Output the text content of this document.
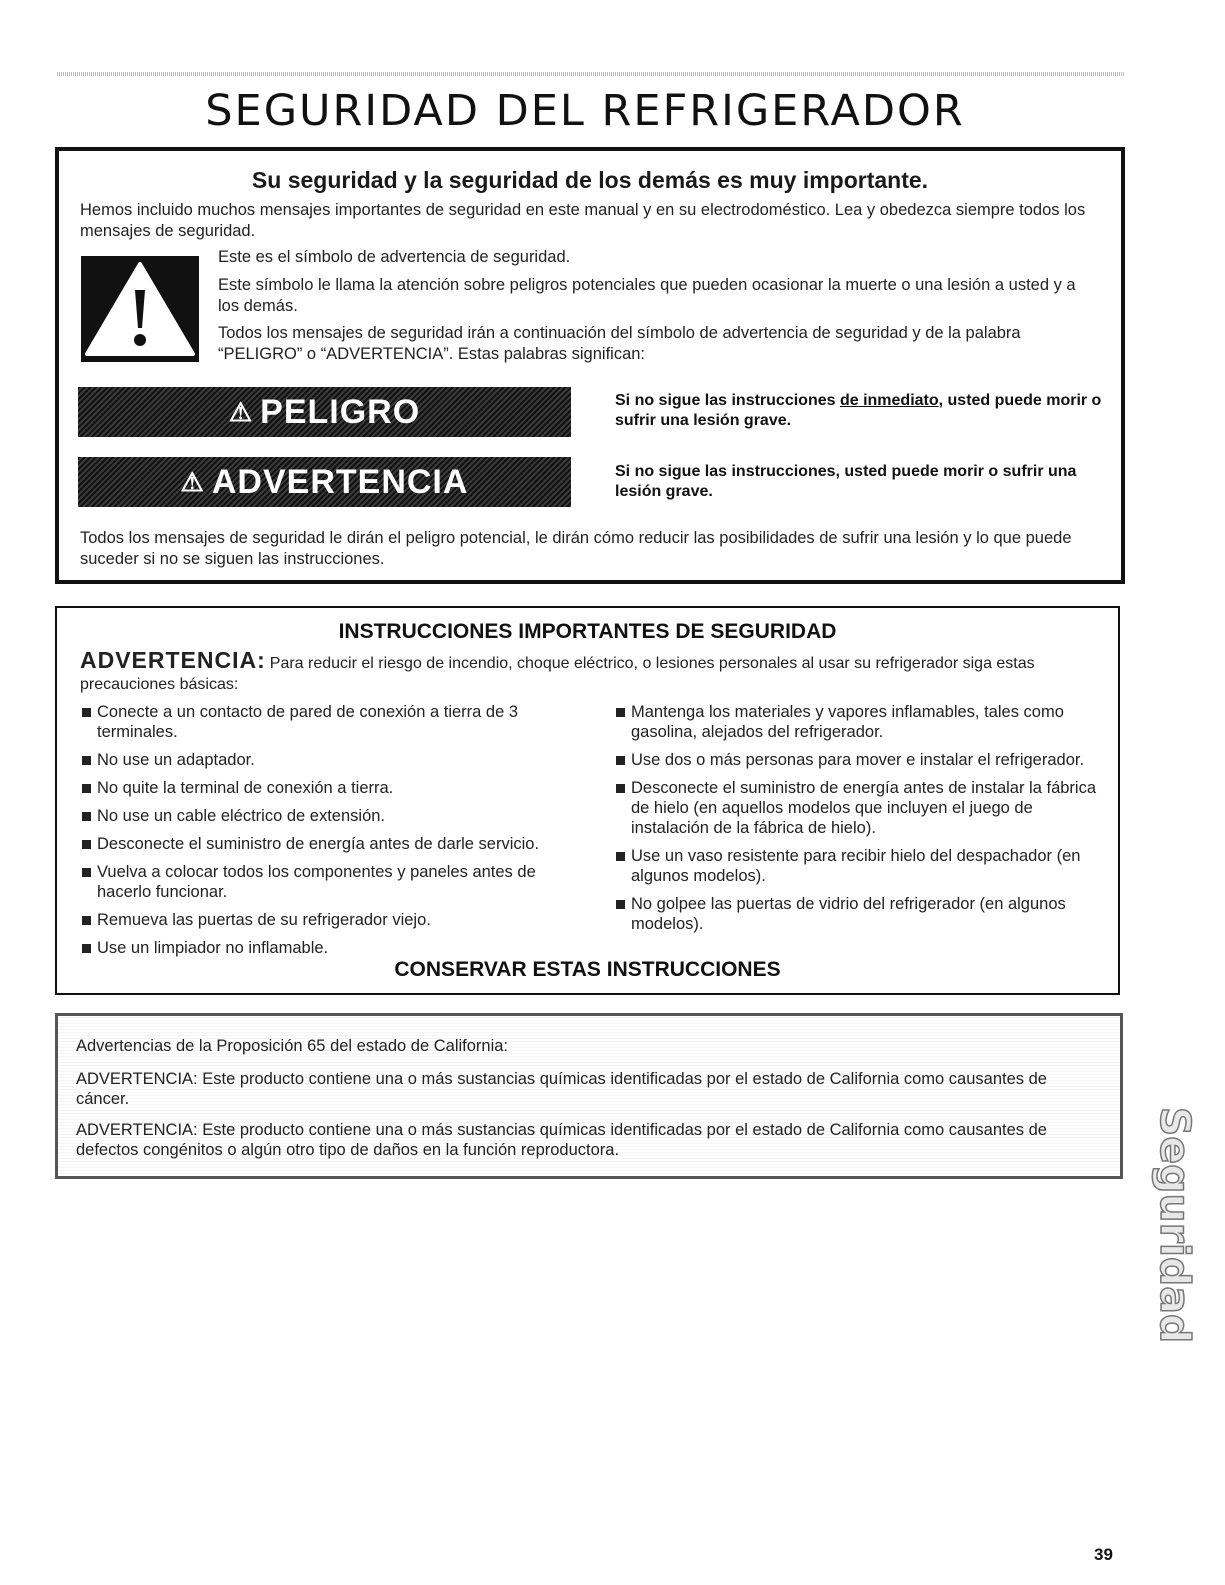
SEGURIDAD DEL REFRIGERADOR
Su seguridad y la seguridad de los demás es muy importante.

Hemos incluido muchos mensajes importantes de seguridad en este manual y en su electrodoméstico. Lea y obedezca siempre todos los mensajes de seguridad.

Este es el símbolo de advertencia de seguridad.

Este símbolo le llama la atención sobre peligros potenciales que pueden ocasionar la muerte o una lesión a usted y a los demás.

Todos los mensajes de seguridad irán a continuación del símbolo de advertencia de seguridad y de la palabra “PELIGRO” o “ADVERTENCIA”. Estas palabras significan:

⚠ PELIGRO	Si no sigue las instrucciones de inmediato, usted puede morir o sufrir una lesión grave.

⚠ ADVERTENCIA	Si no sigue las instrucciones, usted puede morir o sufrir una lesión grave.

Todos los mensajes de seguridad le dirán el peligro potencial, le dirán cómo reducir las posibilidades de sufrir una lesión y lo que puede suceder si no se siguen las instrucciones.

INSTRUCCIONES IMPORTANTES DE SEGURIDAD

ADVERTENCIA: Para reducir el riesgo de incendio, choque eléctrico, o lesiones personales al usar su refrigerador siga estas precauciones básicas:

Conecte a un contacto de pared de conexión a tierra de 3 terminales.
No use un adaptador.
No quite la terminal de conexión a tierra.
No use un cable eléctrico de extensión.
Desconecte el suministro de energía antes de darle servicio.
Vuelva a colocar todos los componentes y paneles antes de hacerlo funcionar.
Remueva las puertas de su refrigerador viejo.
Use un limpiador no inflamable.
Mantenga los materiales y vapores inflamables, tales como gasolina, alejados del refrigerador.
Use dos o más personas para mover e instalar el refrigerador.
Desconecte el suministro de energía antes de instalar la fábrica de hielo (en aquellos modelos que incluyen el juego de instalación de la fábrica de hielo).
Use un vaso resistente para recibir hielo del despachador (en algunos modelos).
No golpee las puertas de vidrio del refrigerador (en algunos modelos).
CONSERVAR ESTAS INSTRUCCIONES

Advertencias de la Proposición 65 del estado de California:

ADVERTENCIA: Este producto contiene una o más sustancias químicas identificadas por el estado de California como causantes de cáncer.

ADVERTENCIA: Este producto contiene una o más sustancias químicas identificadas por el estado de California como causantes de defectos congénitos o algún otro tipo de daños en la función reproductora.	Seguridad
39
